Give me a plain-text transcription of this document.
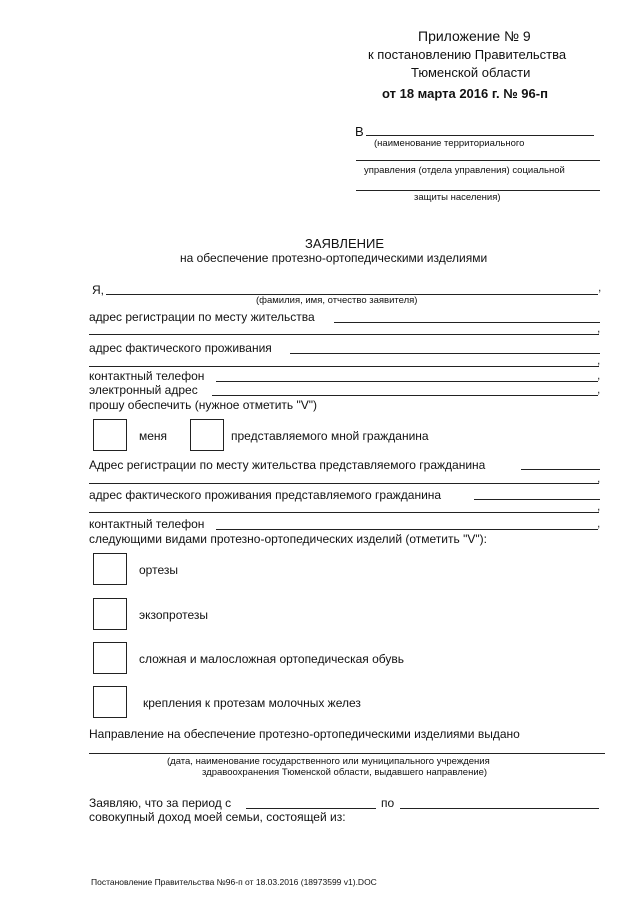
Приложение № 9
к постановлению Правительства
Тюменской области
от 18 марта 2016 г. № 96-п
В
(наименование территориального
управления (отдела управления) социальной
защиты населения)
ЗАЯВЛЕНИЕ
на обеспечение протезно-ортопедическими изделиями
Я,	,
(фамилия, имя, отчество заявителя)
адрес регистрации по месту жительства
,
адрес фактического проживания
,
контактный телефон	,
электронный адрес	,
прошу обеспечить (нужное отметить "V")
меня	представляемого мной гражданина
Адрес регистрации по месту жительства представляемого гражданина
,
адрес фактического проживания представляемого гражданина
,
контактный телефон	,
следующими видами протезно-ортопедических изделий (отметить "V"):
ортезы
экзопротезы
сложная и малосложная ортопедическая обувь
крепления к протезам молочных желез
Направление на обеспечение протезно-ортопедическими изделиями выдано
(дата, наименование государственного или муниципального учреждения
здравоохранения Тюменской области, выдавшего направление)
Заявляю, что за период с	по
совокупный доход моей семьи, состоящей из:
Постановление Правительства №96-п от 18.03.2016 (18973599 v1).DOC
